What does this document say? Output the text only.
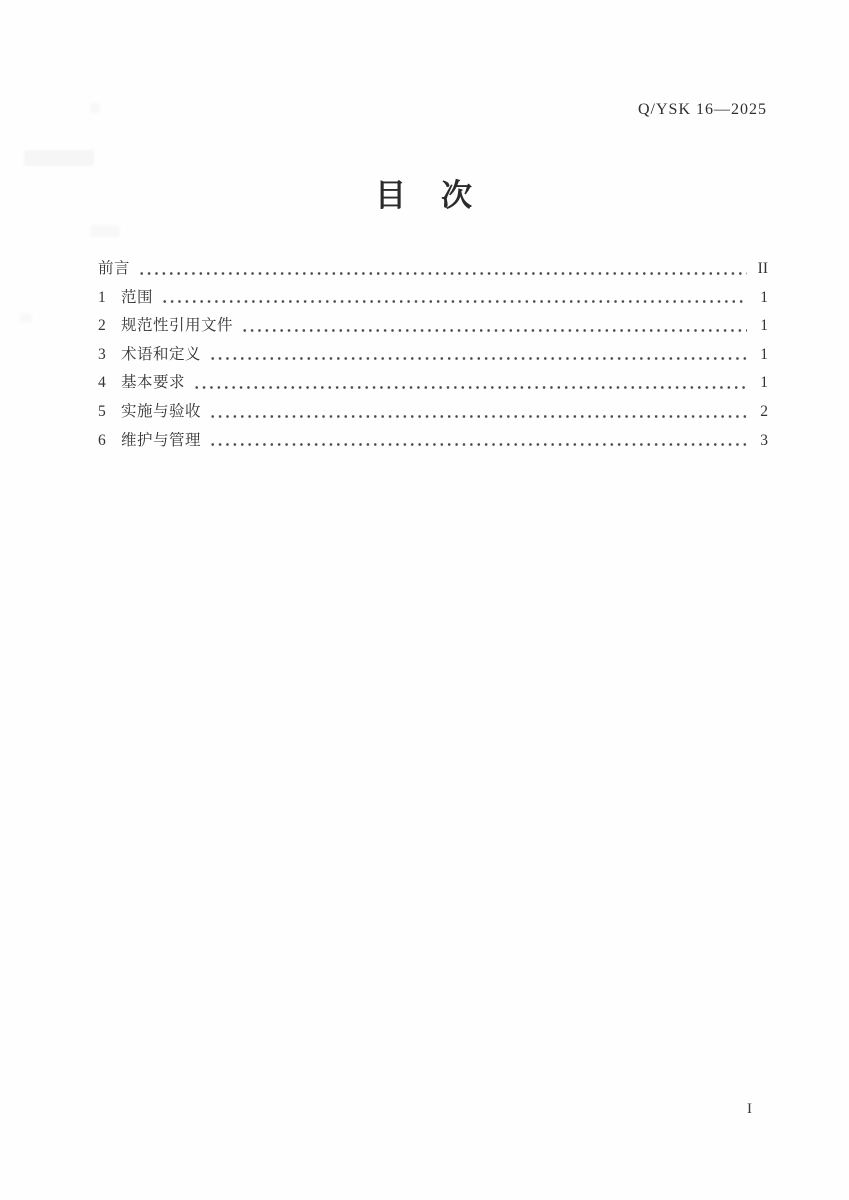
Q/YSK 16—2025
目　次
前言	II
1 范围	1
2 规范性引用文件	1
3 术语和定义	1
4 基本要求	1
5 实施与验收	2
6 维护与管理	3
I
